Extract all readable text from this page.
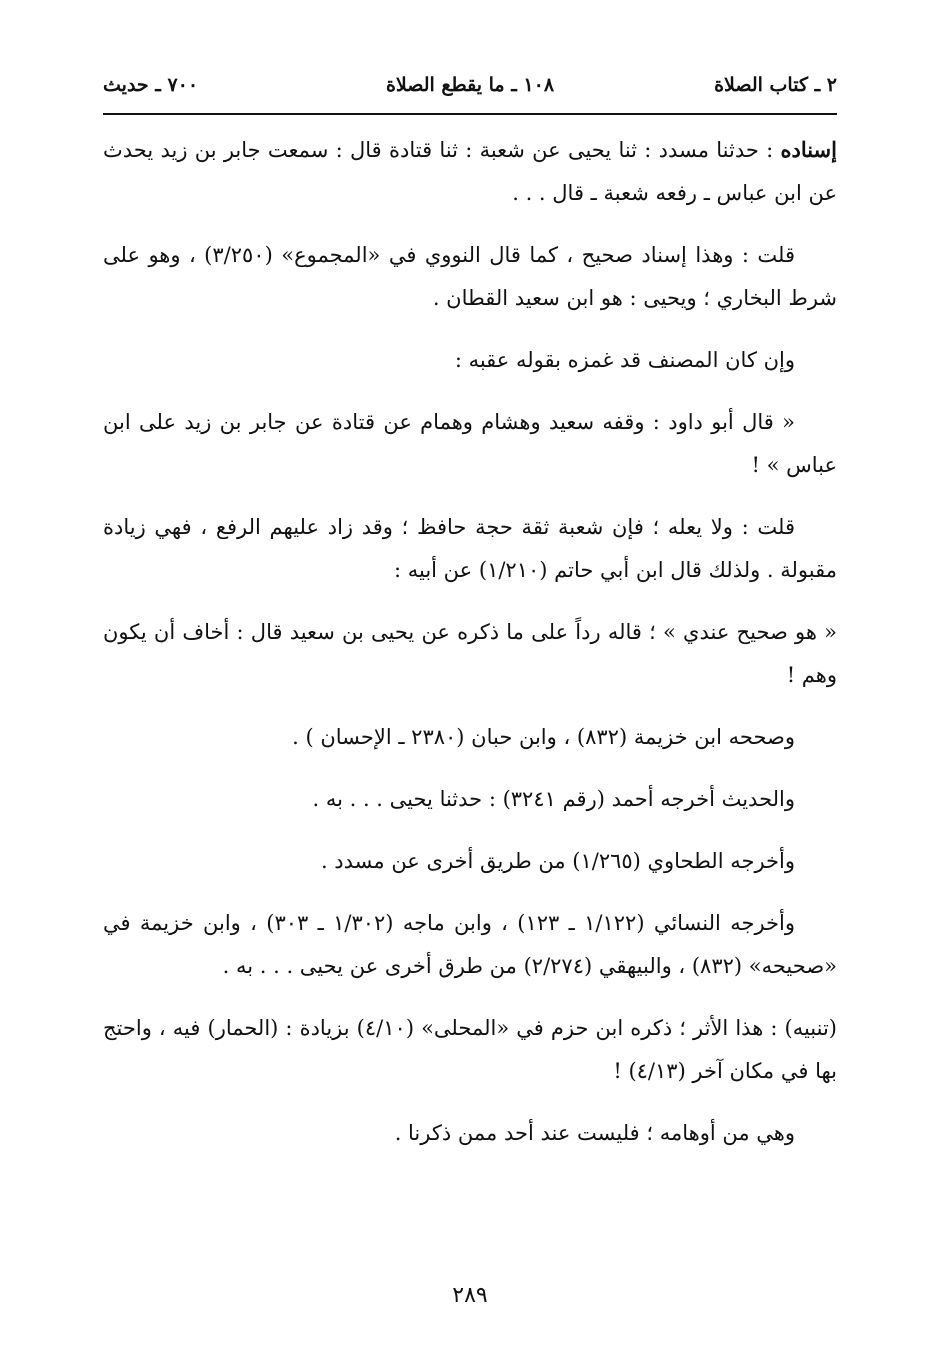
٢ ـ كتاب الصلاة
١٠٨ ـ ما يقطع الصلاة
٧٠٠ ـ حديث

إسناده : حدثنا مسدد : ثنا يحيى عن شعبة : ثنا قتادة قال : سمعت جابر بن زيد يحدث عن ابن عباس ـ رفعه شعبة ـ قال . . .

قلت : وهذا إسناد صحيح ، كما قال النووي في «المجموع» (٣/٢٥٠) ، وهو على شرط البخاري ؛ ويحيى : هو ابن سعيد القطان .

وإن كان المصنف قد غمزه بقوله عقبه :

« قال أبو داود : وقفه سعيد وهشام وهمام عن قتادة عن جابر بن زيد على ابن عباس » !

قلت : ولا يعله ؛ فإن شعبة ثقة حجة حافظ ؛ وقد زاد عليهم الرفع ، فهي زيادة مقبولة . ولذلك قال ابن أبي حاتم (١/٢١٠) عن أبيه :

« هو صحيح عندي » ؛ قاله رداً على ما ذكره عن يحيى بن سعيد قال : أخاف أن يكون وهم !

وصححه ابن خزيمة (٨٣٢) ، وابن حبان (٢٣٨٠ ـ الإحسان ) .

والحديث أخرجه أحمد (رقم ٣٢٤١) : حدثنا يحيى . . . به .

وأخرجه الطحاوي (١/٢٦٥) من طريق أخرى عن مسدد .

وأخرجه النسائي (١/١٢٢ ـ ١٢٣) ، وابن ماجه (١/٣٠٢ ـ ٣٠٣) ، وابن خزيمة في «صحيحه» (٨٣٢) ، والبيهقي (٢/٢٧٤) من طرق أخرى عن يحيى . . . به .

(تنبيه) : هذا الأثر ؛ ذكره ابن حزم في «المحلى» (٤/١٠) بزيادة : (الحمار) فيه ، واحتج بها في مكان آخر (٤/١٣) !

وهي من أوهامه ؛ فليست عند أحد ممن ذكرنا .

٢٨٩
